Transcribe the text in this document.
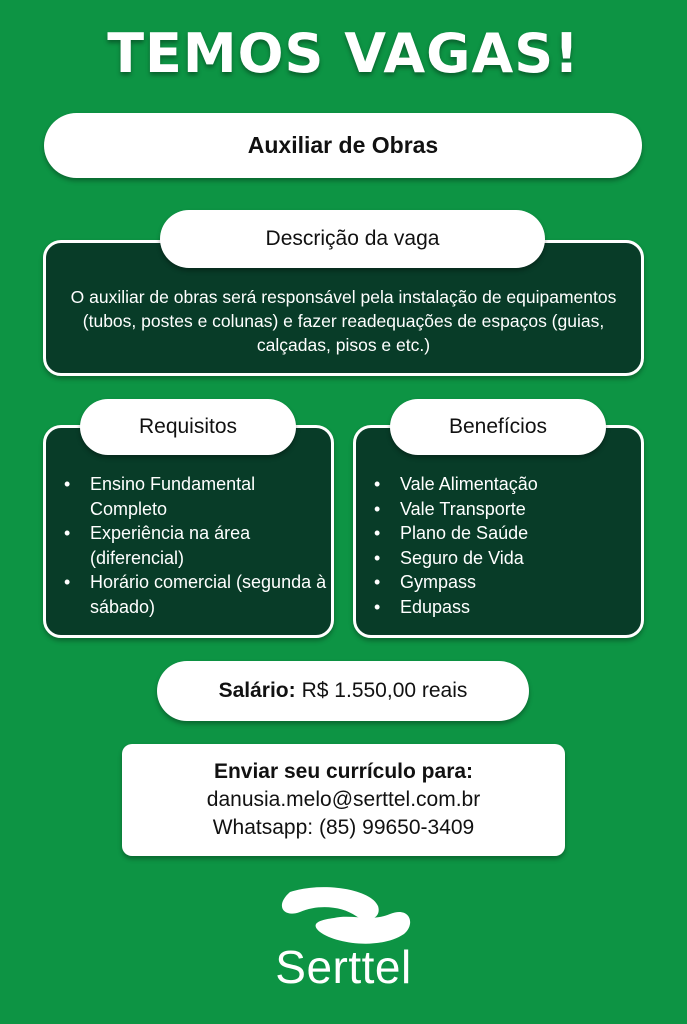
TEMOS VAGAS!
Auxiliar de Obras
O auxiliar de obras será responsável pela instalação de equipamentos (tubos, postes e colunas) e fazer readequações de espaços (guias, calçadas, pisos e etc.)
Descrição da vaga
• Ensino Fundamental Completo
• Experiência na área (diferencial)
• Horário comercial (segunda à sábado)
Requisitos
• Vale Alimentação
• Vale Transporte
• Plano de Saúde
• Seguro de Vida
• Gympass
• Edupass
Benefícios
Salário: R$ 1.550,00 reais
Enviar seu currículo para:
danusia.melo@serttel.com.br
Whatsapp: (85) 99650-3409
Serttel
